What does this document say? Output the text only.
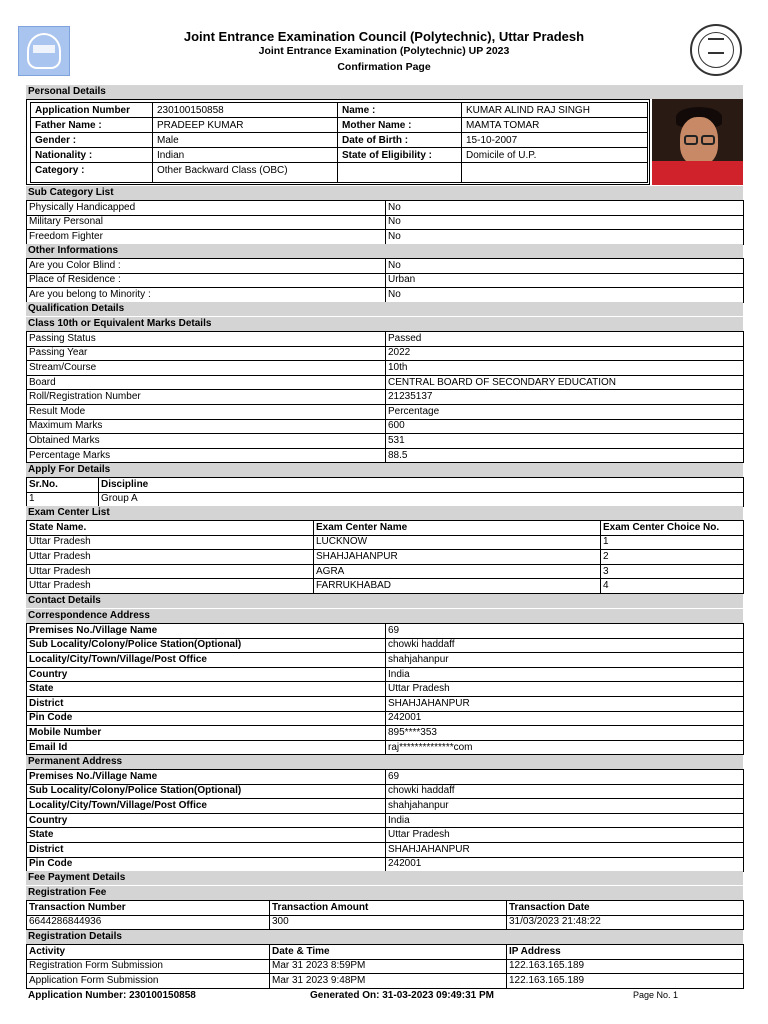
Joint Entrance Examination Council (Polytechnic), Uttar Pradesh
Joint Entrance Examination (Polytechnic) UP 2023
Confirmation Page
Personal Details
Application Number	230100150858	Name :	KUMAR ALIND RAJ SINGH
Father Name :	PRADEEP KUMAR	Mother Name :	MAMTA TOMAR
Gender :	Male	Date of Birth :	15-10-2007
Nationality :	Indian	State of Eligibility :	Domicile of U.P.
Category :	Other Backward Class (OBC)		
Sub Category List
Physically Handicapped	No
Military Personal	No
Freedom Fighter	No
Other Informations
Are you Color Blind :	No
Place of Residence :	Urban
Are you belong to Minority :	No
Qualification Details
Class 10th or Equivalent Marks Details
Passing Status	Passed
Passing Year	2022
Stream/Course	10th
Board	CENTRAL BOARD OF SECONDARY EDUCATION
Roll/Registration Number	21235137
Result Mode	Percentage
Maximum Marks	600
Obtained Marks	531
Percentage Marks	88.5
Apply For Details
Sr.No.	Discipline
1	Group A
Exam Center List
State Name.	Exam Center Name	Exam Center Choice No.
Uttar Pradesh	LUCKNOW	1
Uttar Pradesh	SHAHJAHANPUR	2
Uttar Pradesh	AGRA	3
Uttar Pradesh	FARRUKHABAD	4
Contact Details
Correspondence Address
Premises No./Village Name	69
Sub Locality/Colony/Police Station(Optional)	chowki haddaff
Locality/City/Town/Village/Post Office	shahjahanpur
Country	India
State	Uttar Pradesh
District	SHAHJAHANPUR
Pin Code	242001
Mobile Number	895****353
Email Id	raj**************com
Permanent Address
Premises No./Village Name	69
Sub Locality/Colony/Police Station(Optional)	chowki haddaff
Locality/City/Town/Village/Post Office	shahjahanpur
Country	India
State	Uttar Pradesh
District	SHAHJAHANPUR
Pin Code	242001
Fee Payment Details
Registration Fee
Transaction Number	Transaction Amount	Transaction Date
6644286844936	300	31/03/2023 21:48:22
Registration Details
Activity	Date & Time	IP Address
Registration Form Submission	Mar 31 2023 8:59PM	122.163.165.189
Application Form Submission	Mar 31 2023 9:48PM	122.163.165.189
Application Number: 230100150858	Generated On: 31-03-2023 09:49:31 PM	Page No. 1
